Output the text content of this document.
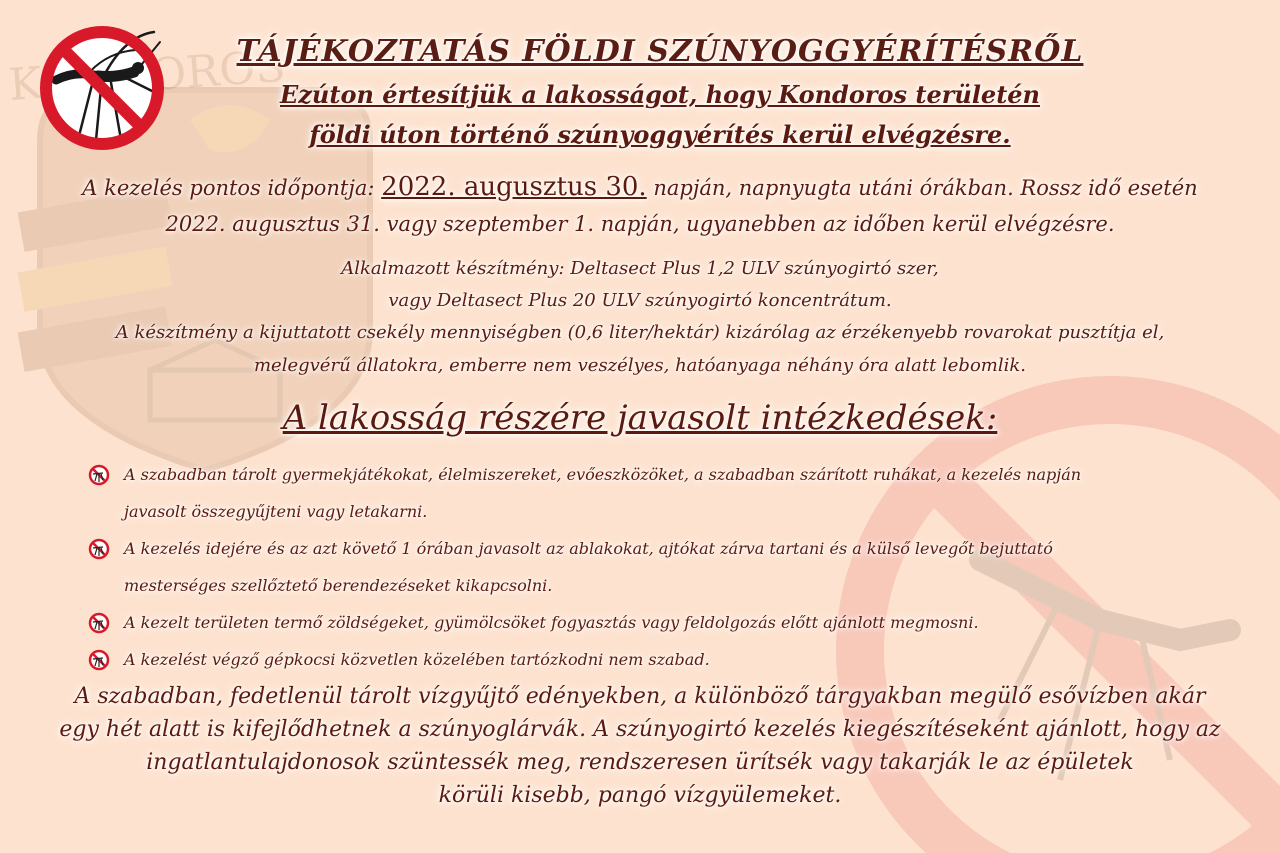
TÁJÉKOZTATÁS FÖLDI SZÚNYOGGYÉRÍTÉSRŐL
Ezúton értesítjük a lakosságot, hogy Kondoros területén
földi úton történő szúnyoggyérítés kerül elvégzésre.
A kezelés pontos időpontja: 2022. augusztus 30. napján, napnyugta utáni órákban. Rossz idő esetén
2022. augusztus 31. vagy szeptember 1. napján, ugyanebben az időben kerül elvégzésre.
Alkalmazott készítmény: Deltasect Plus 1,2 ULV szúnyogirtó szer,
vagy Deltasect Plus 20 ULV szúnyogirtó koncentrátum.
A készítmény a kijuttatott csekély mennyiségben (0,6 liter/hektár) kizárólag az érzékenyebb rovarokat pusztítja el,
melegvérű állatokra, emberre nem veszélyes, hatóanyaga néhány óra alatt lebomlik.
A lakosság részére javasolt intézkedések:
A szabadban tárolt gyermekjátékokat, élelmiszereket, evőeszközöket, a szabadban szárított ruhákat, a kezelés napján
javasolt összegyűjteni vagy letakarni.
A kezelés idejére és az azt követő 1 órában javasolt az ablakokat, ajtókat zárva tartani és a külső levegőt bejuttató
mesterséges szellőztető berendezéseket kikapcsolni.
A kezelt területen termő zöldségeket, gyümölcsöket fogyasztás vagy feldolgozás előtt ajánlott megmosni.
A kezelést végző gépkocsi közvetlen közelében tartózkodni nem szabad.
A szabadban, fedetlenül tárolt vízgyűjtő edényekben, a különböző tárgyakban megülő esővízben akár
egy hét alatt is kifejlődhetnek a szúnyoglárvák. A szúnyogirtó kezelés kiegészítéseként ajánlott, hogy az
ingatlantulajdonosok szüntessék meg, rendszeresen ürítsék vagy takarják le az épületek
körüli kisebb, pangó vízgyülemeket.
